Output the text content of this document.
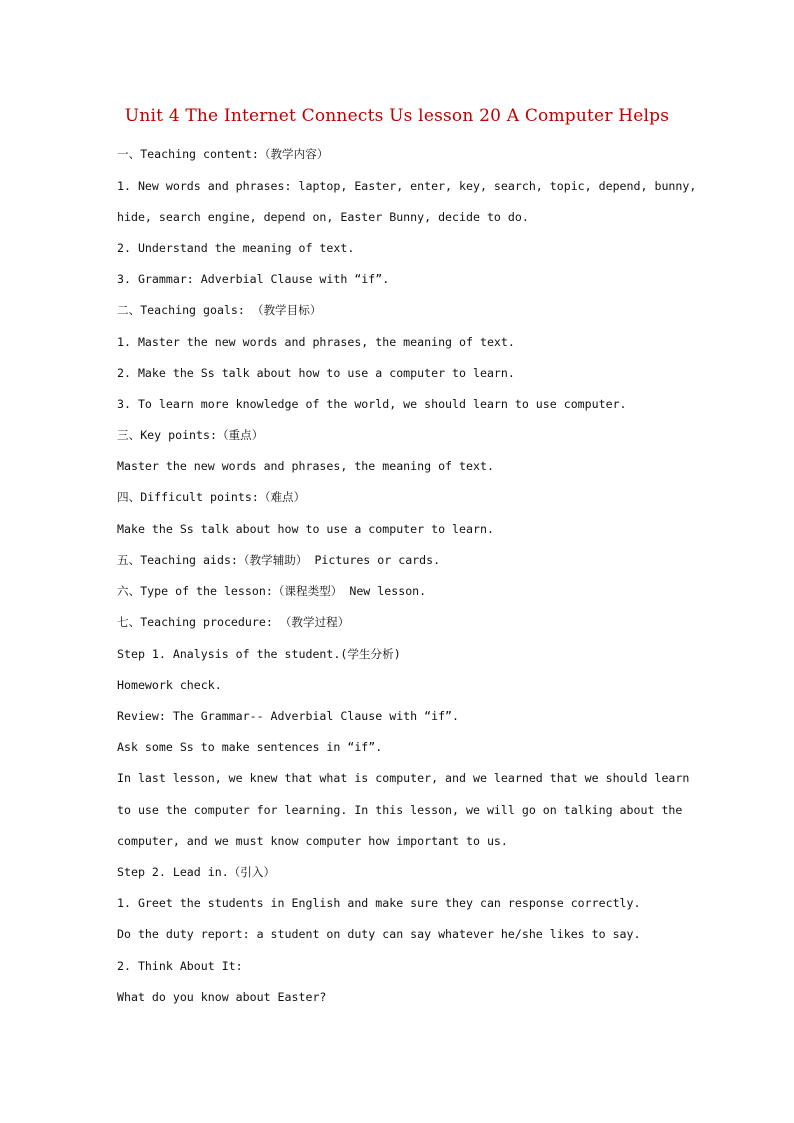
Unit 4 The Internet Connects Us lesson 20 A Computer Helps
一、Teaching content:（教学内容）
1. New words and phrases: laptop, Easter, enter, key, search, topic, depend, bunny,
hide, search engine, depend on, Easter Bunny, decide to do.
2. Understand the meaning of text.
3. Grammar: Adverbial Clause with “if”.
二、Teaching goals: （教学目标）
1. Master the new words and phrases, the meaning of text.
2. Make the Ss talk about how to use a computer to learn.
3. To learn more knowledge of the world, we should learn to use computer.
三、Key points:（重点）
Master the new words and phrases, the meaning of text.
四、Difficult points:（难点）
Make the Ss talk about how to use a computer to learn.
五、Teaching aids:（教学辅助） Pictures or cards.
六、Type of the lesson:（课程类型） New lesson.
七、Teaching procedure: （教学过程）
Step 1. Analysis of the student.(学生分析)
Homework check.
Review: The Grammar-- Adverbial Clause with “if”.
Ask some Ss to make sentences in “if”.
In last lesson, we knew that what is computer, and we learned that we should learn
to use the computer for learning. In this lesson, we will go on talking about the
computer, and we must know computer how important to us.
Step 2. Lead in.（引入）
1. Greet the students in English and make sure they can response correctly.
Do the duty report: a student on duty can say whatever he/she likes to say.
2. Think About It:
What do you know about Easter?
